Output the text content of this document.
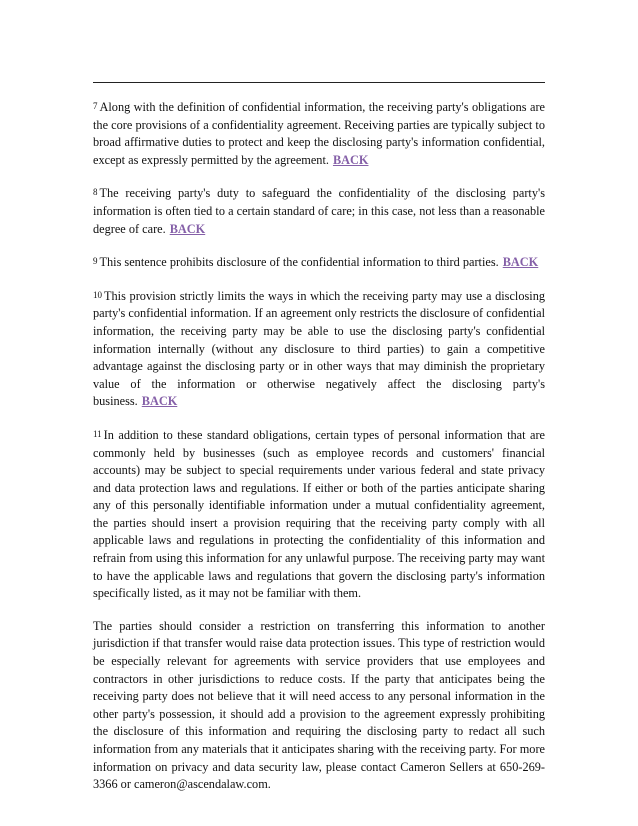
7 Along with the definition of confidential information, the receiving party's obligations are the core provisions of a confidentiality agreement. Receiving parties are typically subject to broad affirmative duties to protect and keep the disclosing party's information confidential, except as expressly permitted by the agreement. BACK

8 The receiving party's duty to safeguard the confidentiality of the disclosing party's information is often tied to a certain standard of care; in this case, not less than a reasonable degree of care. BACK

9 This sentence prohibits disclosure of the confidential information to third parties. BACK

10 This provision strictly limits the ways in which the receiving party may use a disclosing party's confidential information. If an agreement only restricts the disclosure of confidential information, the receiving party may be able to use the disclosing party's confidential information internally (without any disclosure to third parties) to gain a competitive advantage against the disclosing party or in other ways that may diminish the proprietary value of the information or otherwise negatively affect the disclosing party's business. BACK

11 In addition to these standard obligations, certain types of personal information that are commonly held by businesses (such as employee records and customers' financial accounts) may be subject to special requirements under various federal and state privacy and data protection laws and regulations. If either or both of the parties anticipate sharing any of this personally identifiable information under a mutual confidentiality agreement, the parties should insert a provision requiring that the receiving party comply with all applicable laws and regulations in protecting the confidentiality of this information and refrain from using this information for any unlawful purpose. The receiving party may want to have the applicable laws and regulations that govern the disclosing party's information specifically listed, as it may not be familiar with them.

The parties should consider a restriction on transferring this information to another jurisdiction if that transfer would raise data protection issues. This type of restriction would be especially relevant for agreements with service providers that use employees and contractors in other jurisdictions to reduce costs. If the party that anticipates being the receiving party does not believe that it will need access to any personal information in the other party's possession, it should add a provision to the agreement expressly prohibiting the disclosure of this information and requiring the disclosing party to redact all such information from any materials that it anticipates sharing with the receiving party. For more information on privacy and data security law, please contact Cameron Sellers at 650-269-3366 or cameron@ascendalaw.com.
